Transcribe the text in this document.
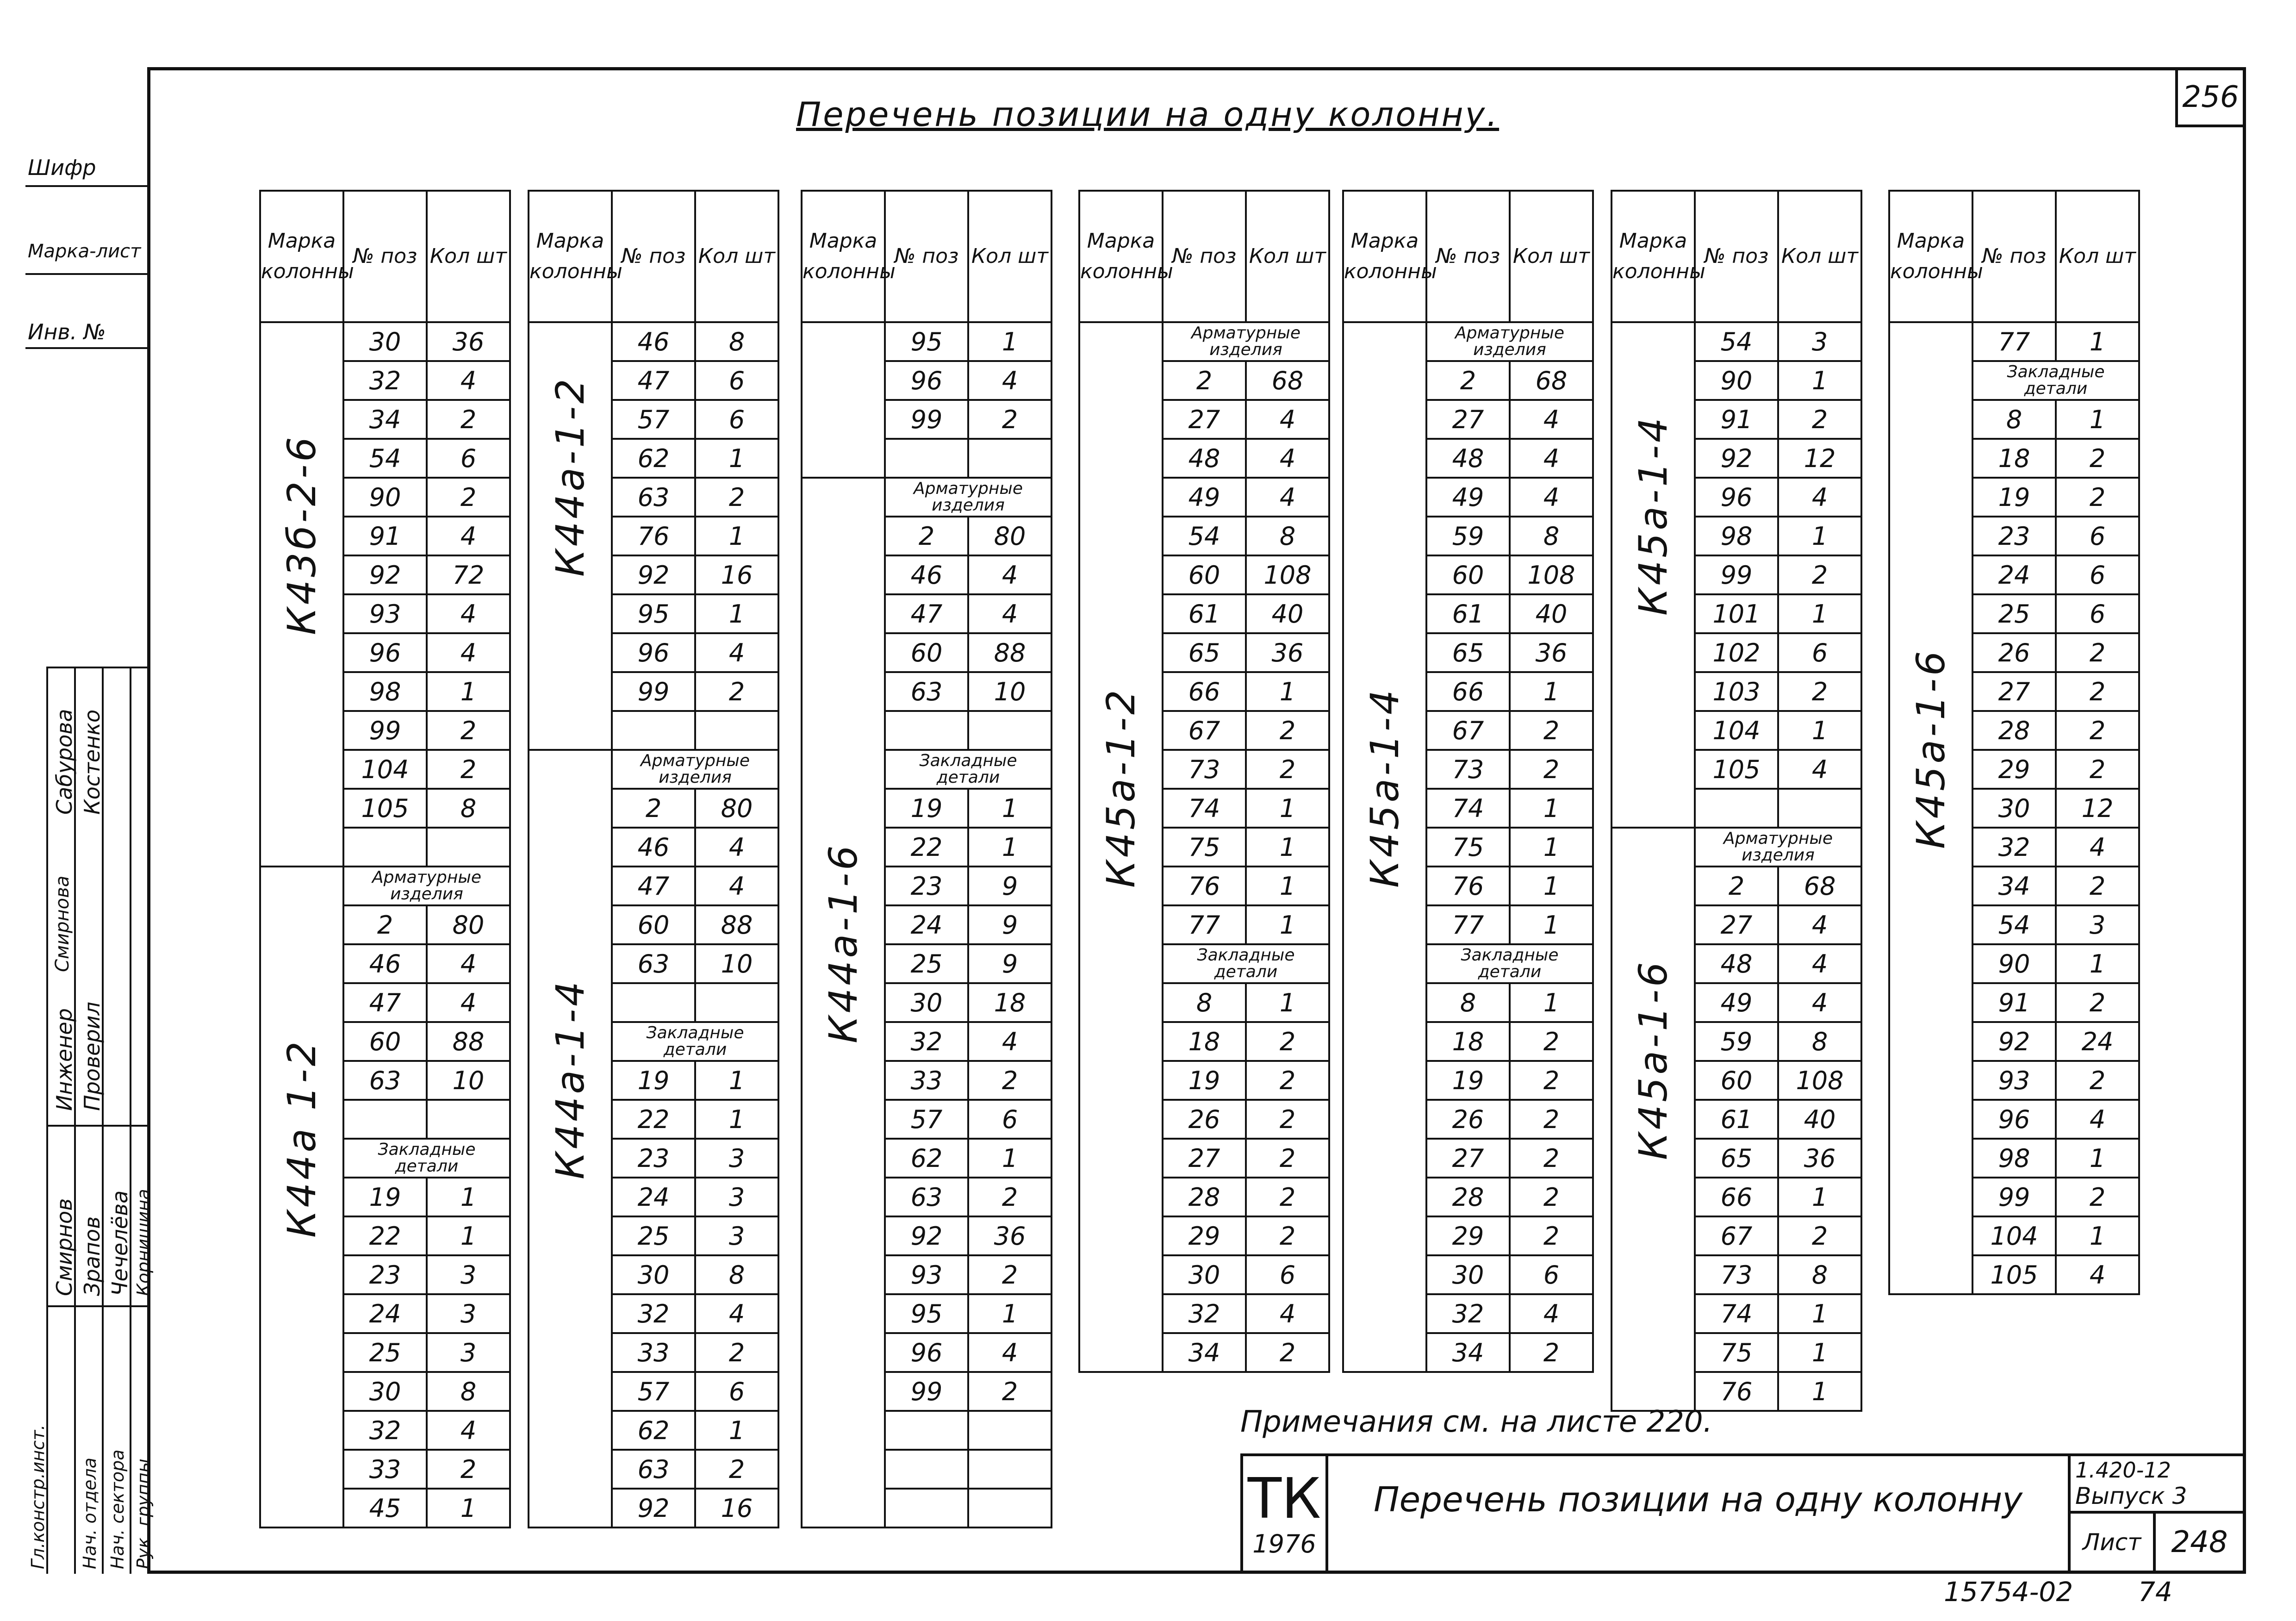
256
Перечень позиции на одну колонну.
Шифр
Марка-лист
Инв. №
Инженер Проверил
Гл.констр.инст. Нач. отдела Нач. сектора Рук. группы
Сабурова Костенко
Смирнова
Смирнов Зрапов Чечелёва Корнишина
Марка колонны	№ поз	Кол шт

К43б-2-6	30	36
	32	4
	34	2
	54	6
	90	2
	91	4
	92	72
	93	4
	96	4
	98	1
	99	2
	104	2
	105	8

К44а 1-2	Арматурные изделия	
	2	80
	46	4
	47	4
	60	88
	63	10

	Закладные детали	
	19	1
	22	1
	23	3
	24	3
	25	3
	30	8
	32	4
	33	2
	45	1
Марка колонны	№ поз	Кол шт

К44а-1-2	46	8
	47	6
	57	6
	62	1
	63	2
	76	1
	92	16
	95	1
	96	4
	99	2

К44а-1-4	Арматурные изделия	
	2	80
	46	4
	47	4
	60	88
	63	10

	Закладные детали	
	19	1
	22	1
	23	3
	24	3
	25	3
	30	8
	32	4
	33	2
	57	6
	62	1
	63	2
	92	16
Марка колонны	№ поз	Кол шт

	95	1
	96	4
	99	2

К44а-1-6	Арматурные изделия	
	2	80
	46	4
	47	4
	60	88
	63	10

	Закладные детали	
	19	1
	22	1
	23	9
	24	9
	25	9
	30	18
	32	4
	33	2
	57	6
	62	1
	63	2
	92	36
	93	2
	95	1
	96	4
	99	2

Марка колонны	№ поз	Кол шт

К45а-1-2	Арматурные изделия	
	2	68
	27	4
	48	4
	49	4
	54	8
	60	108
	61	40
	65	36
	66	1
	67	2
	73	2
	74	1
	75	1
	76	1
	77	1
	Закладные детали	
	8	1
	18	2
	19	2
	26	2
	27	2
	28	2
	29	2
	30	6
	32	4
	34	2
Марка колонны	№ поз	Кол шт

К45а-1-4	Арматурные изделия	
	2	68
	27	4
	48	4
	49	4
	59	8
	60	108
	61	40
	65	36
	66	1
	67	2
	73	2
	74	1
	75	1
	76	1
	77	1
	Закладные детали	
	8	1
	18	2
	19	2
	26	2
	27	2
	28	2
	29	2
	30	6
	32	4
	34	2
Марка колонны	№ поз	Кол шт

К45а-1-4	54	3
	90	1
	91	2
	92	12
	96	4
	98	1
	99	2
	101	1
	102	6
	103	2
	104	1
	105	4

К45а-1-6	Арматурные изделия	
	2	68
	27	4
	48	4
	49	4
	59	8
	60	108
	61	40
	65	36
	66	1
	67	2
	73	8
	74	1
	75	1
	76	1
Марка колонны	№ поз	Кол шт

К45а-1-6	77	1
	Закладные детали	
	8	1
	18	2
	19	2
	23	6
	24	6
	25	6
	26	2
	27	2
	28	2
	29	2
	30	12
	32	4
	34	2
	54	3
	90	1
	91	2
	92	24
	93	2
	96	4
	98	1
	99	2
	104	1
	105	4
Примечания см. на листе 220.
ТК
1976
Перечень позиции на одну колонну
1.420-12
Выпуск 3
Лист 248
15754-02 74
